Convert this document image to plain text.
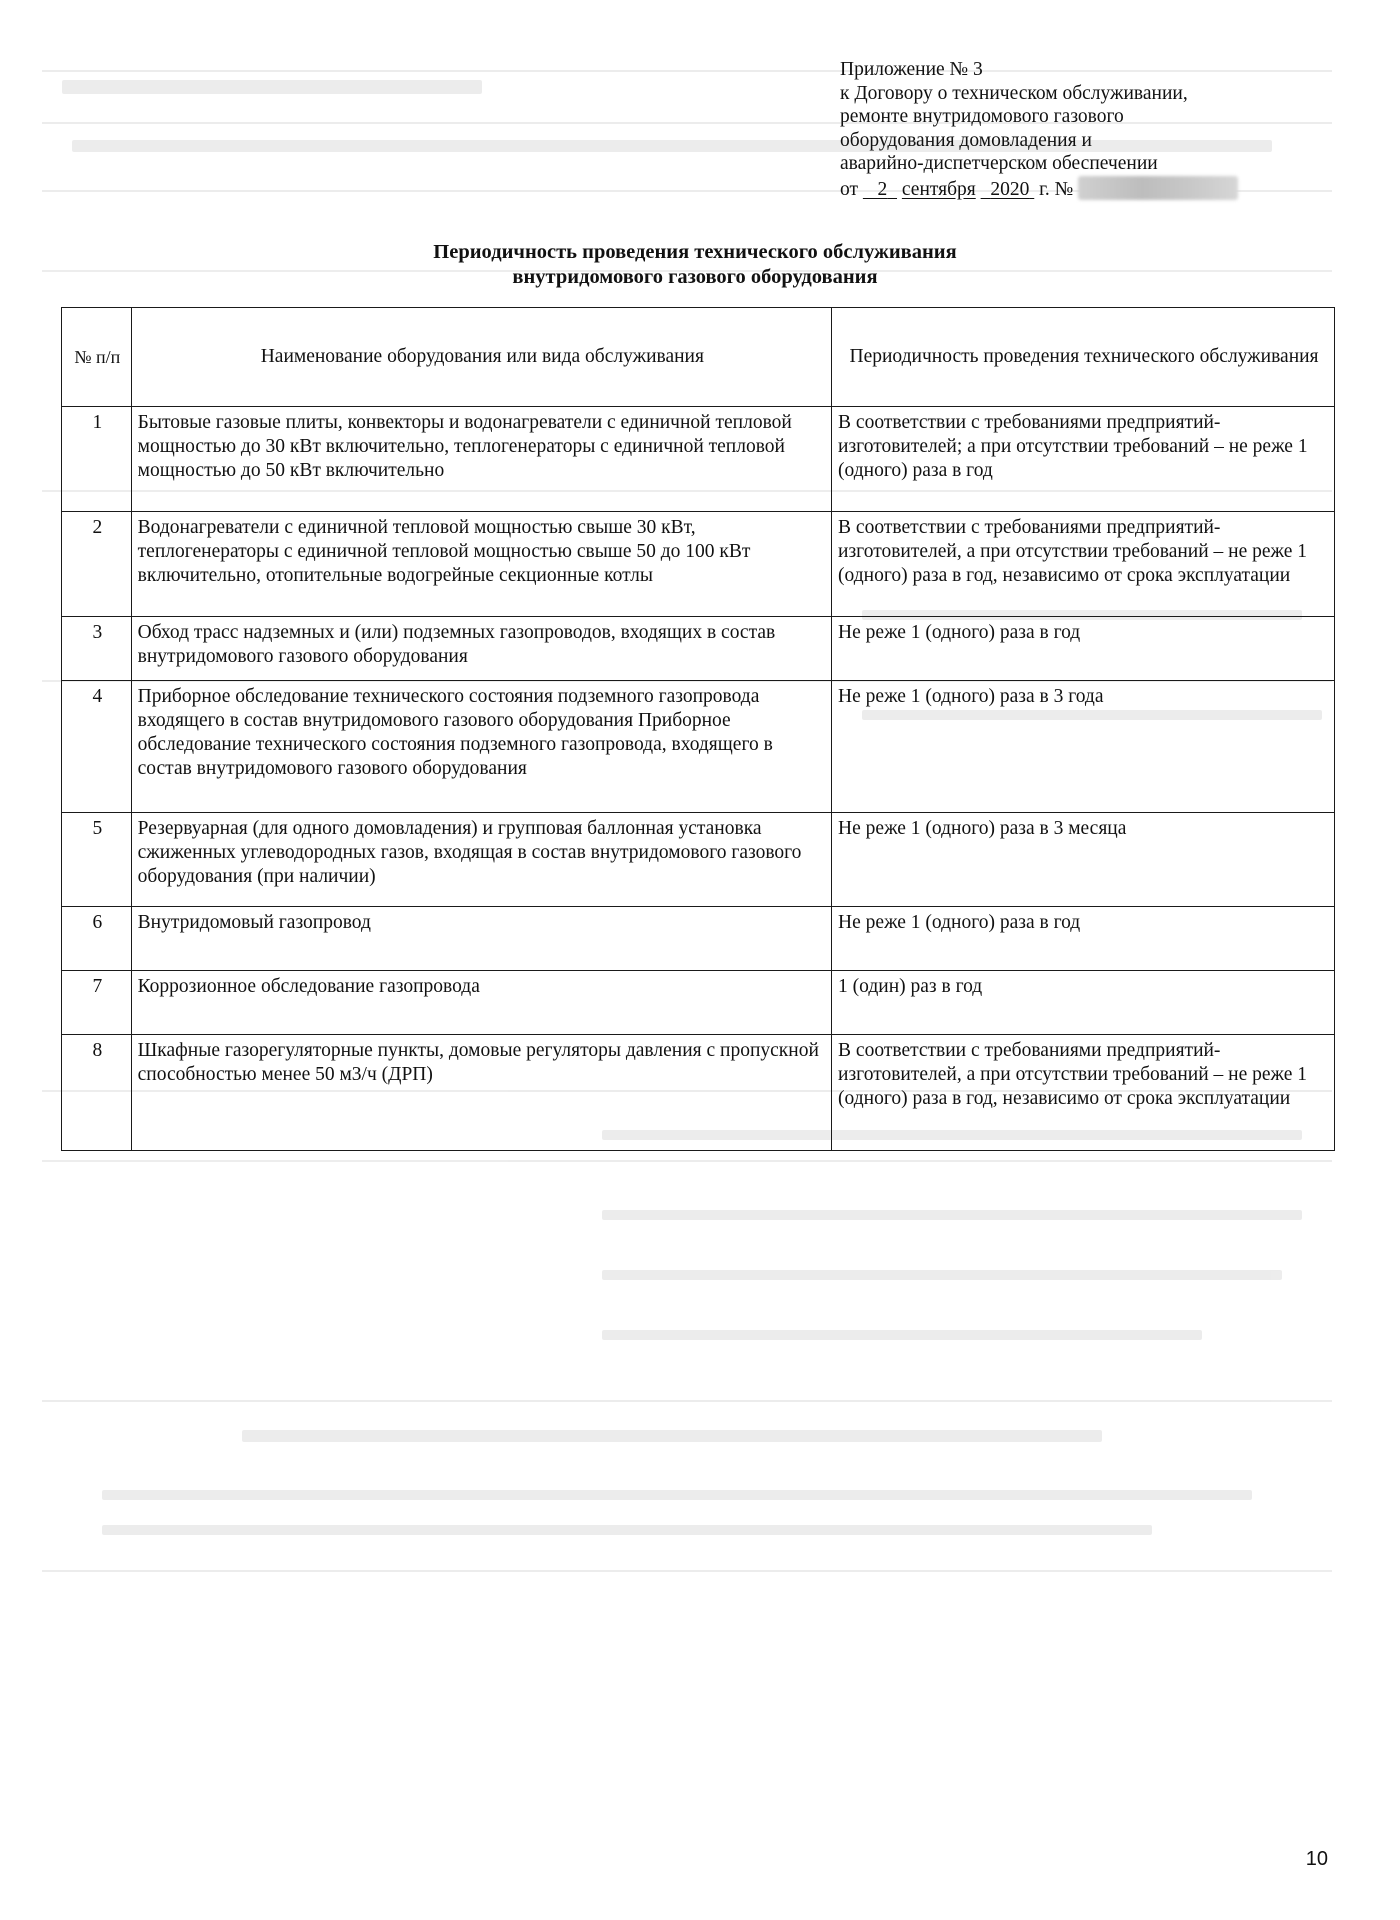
Приложение № 3
к Договору о техническом обслуживании,
ремонте внутридомового газового
оборудования домовладения и
аварийно-диспетчерском обеспечении
от 2 сентября 2020 г. №
Периодичность проведения технического обслуживания
внутридомового газового оборудования
№ п/п	Наименование оборудования или вида обслуживания	Периодичность проведения технического обслуживания
1	Бытовые газовые плиты, конвекторы и водонагреватели с единичной тепловой мощностью до 30 кВт включительно, теплогенераторы с единичной тепловой мощностью до 50 кВт включительно	В соответствии с требованиями предприятий-изготовителей; а при отсутствии требований – не реже 1 (одного) раза в год
2	Водонагреватели с единичной тепловой мощностью свыше 30 кВт, теплогенераторы с единичной тепловой мощностью свыше 50 до 100 кВт включительно, отопительные водогрейные секционные котлы	В соответствии с требованиями предприятий-изготовителей, а при отсутствии требований – не реже 1 (одного) раза в год, независимо от срока эксплуатации
3	Обход трасс надземных и (или) подземных газопроводов, входящих в состав внутридомового газового оборудования	Не реже 1 (одного) раза в год
4	Приборное обследование технического состояния подземного газопровода входящего в состав внутридомового газового оборудования Приборное обследование технического состояния подземного газопровода, входящего в состав внутридомового газового оборудования	Не реже 1 (одного) раза в 3 года
5	Резервуарная (для одного домовладения) и групповая баллонная установка сжиженных углеводородных газов, входящая в состав внутридомового газового оборудования (при наличии)	Не реже 1 (одного) раза в 3 месяца
6	Внутридомовый газопровод	Не реже 1 (одного) раза в год
7	Коррозионное обследование газопровода	1 (один) раз в год
8	Шкафные газорегуляторные пункты, домовые регуляторы давления с пропускной способностью менее 50 м3/ч (ДРП)	В соответствии с требованиями предприятий-изготовителей, а при отсутствии требований – не реже 1 (одного) раза в год, независимо от срока эксплуатации
10
